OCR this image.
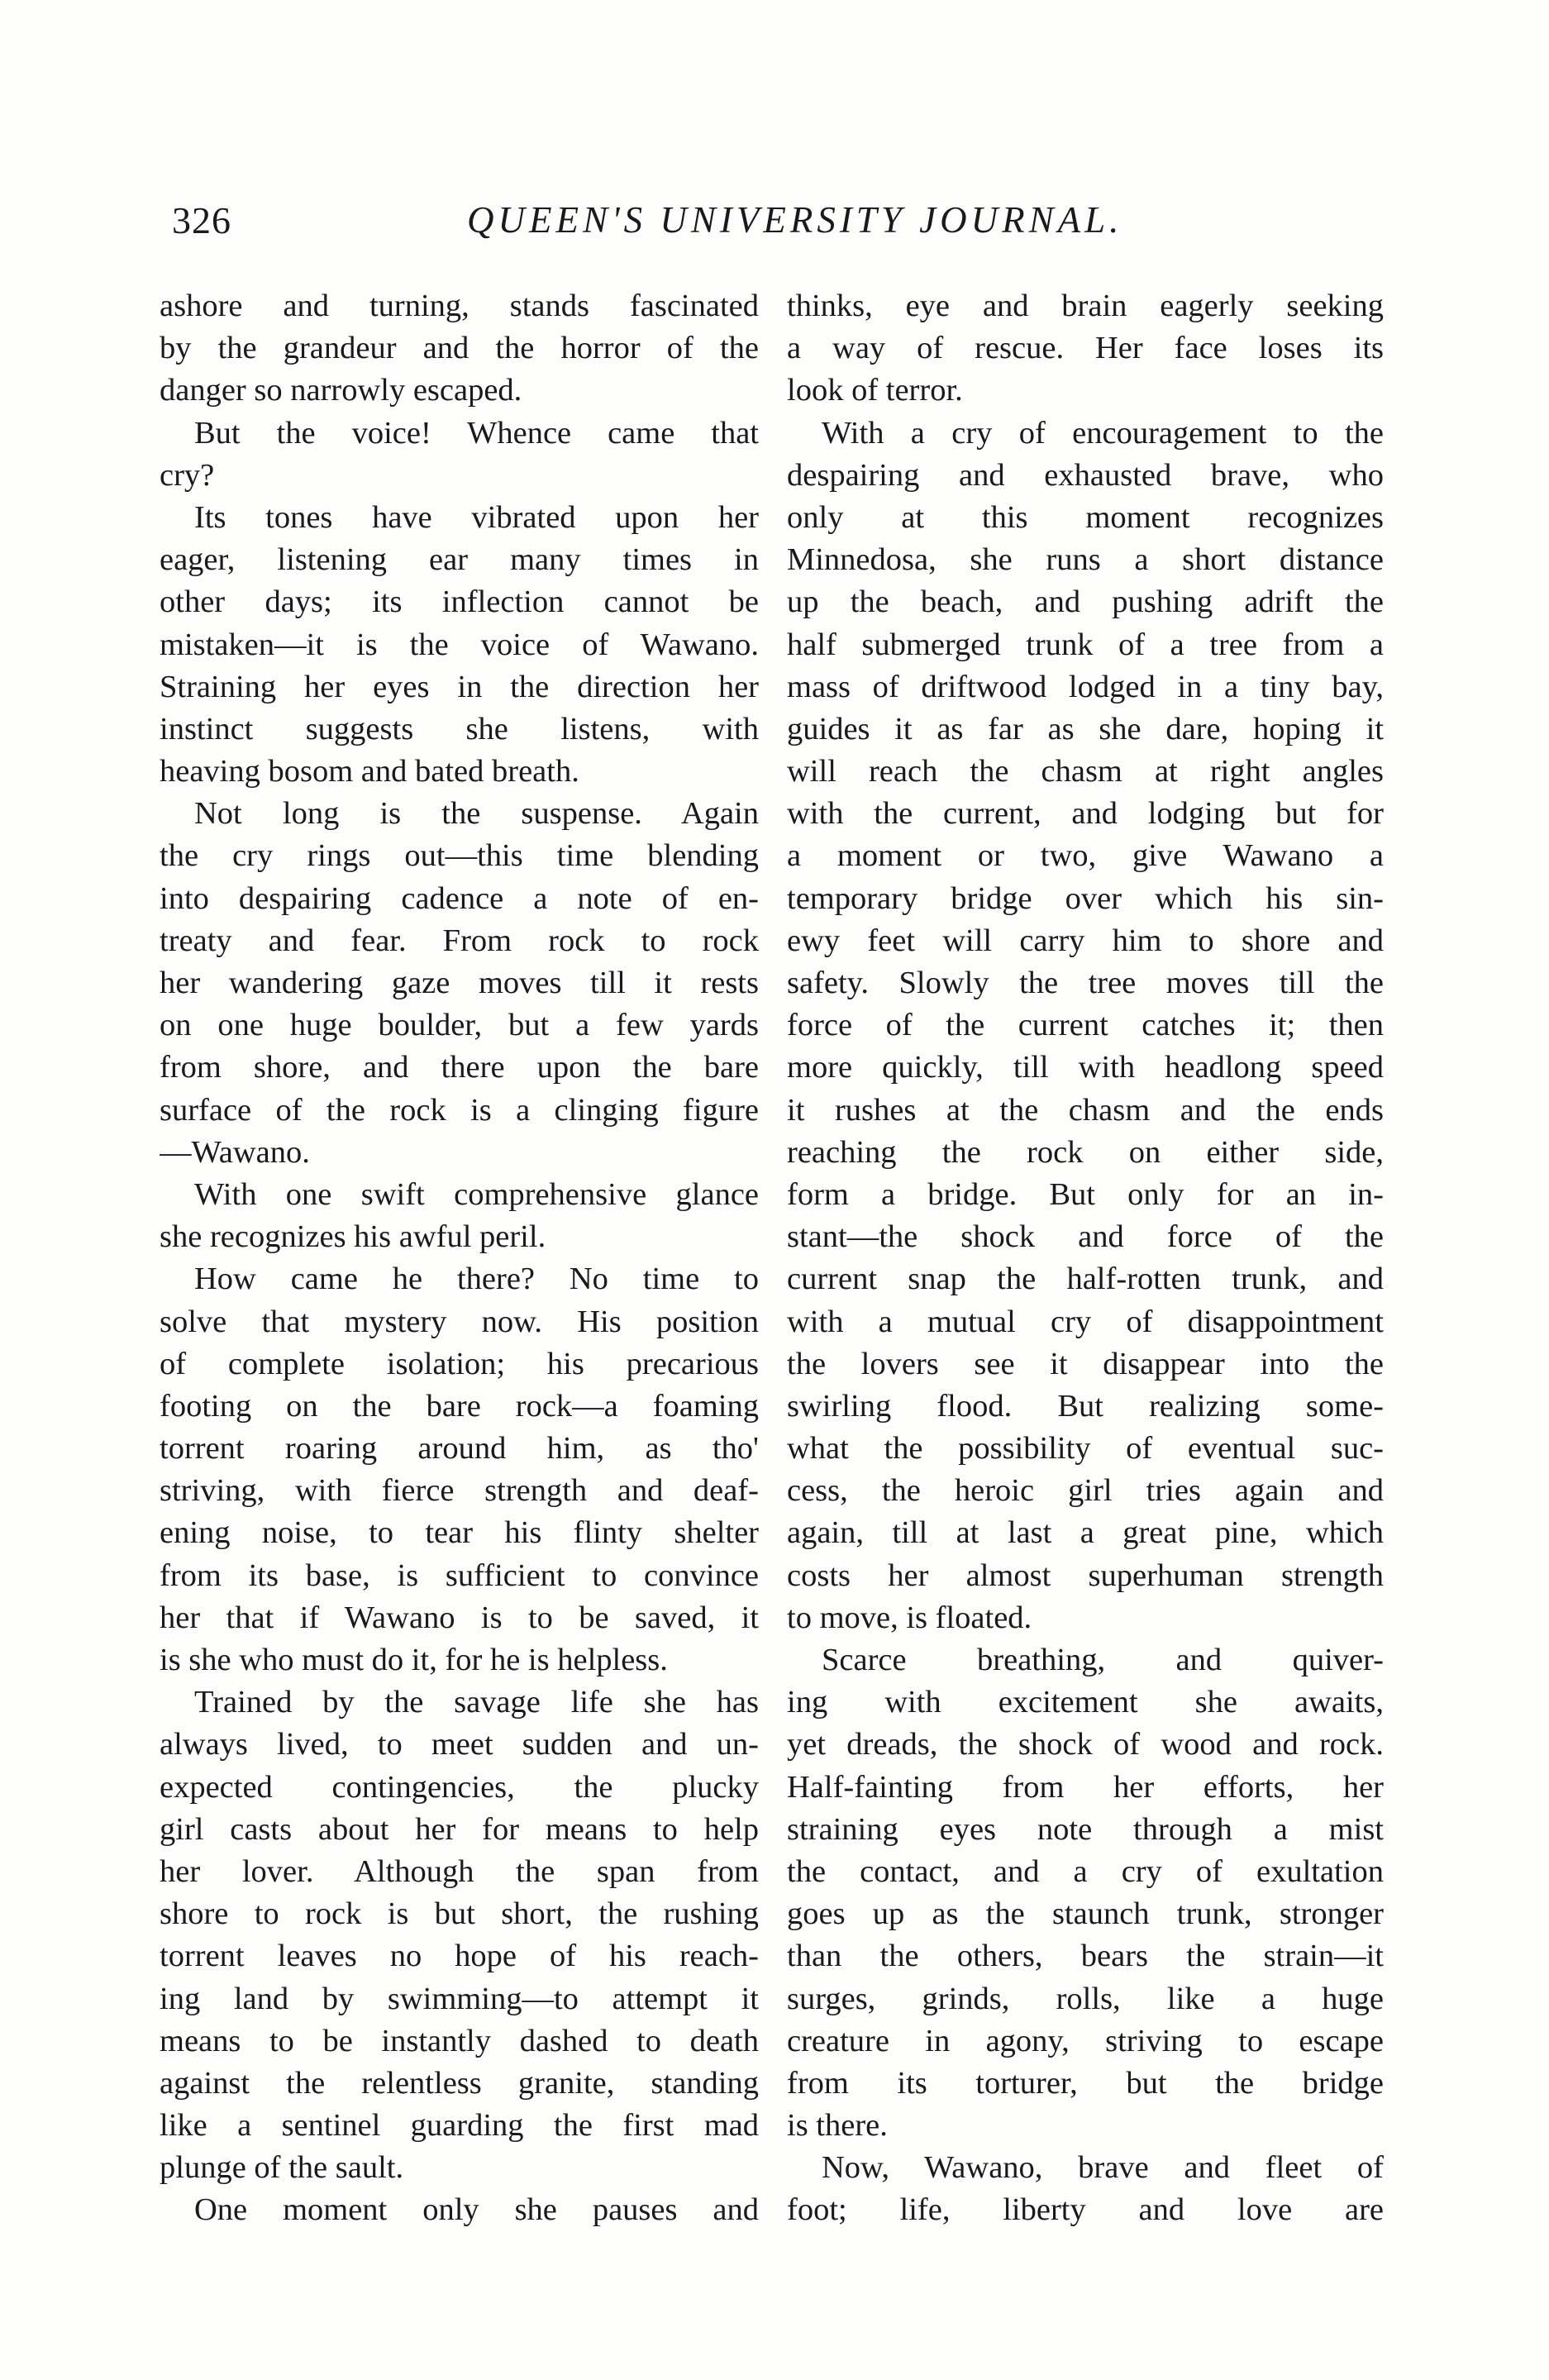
326	QUEEN'S UNIVERSITY JOURNAL.
ashore and turning, stands fascinated
by the grandeur and the horror of the
danger so narrowly escaped.
But the voice! Whence came that
cry?
Its tones have vibrated upon her
eager, listening ear many times in
other days; its inflection cannot be
mistaken—it is the voice of Wawano.
Straining her eyes in the direction her
instinct suggests she listens, with
heaving bosom and bated breath.
Not long is the suspense. Again
the cry rings out—this time blending
into despairing cadence a note of en-
treaty and fear. From rock to rock
her wandering gaze moves till it rests
on one huge boulder, but a few yards
from shore, and there upon the bare
surface of the rock is a clinging figure
—Wawano.
With one swift comprehensive glance
she recognizes his awful peril.
How came he there? No time to
solve that mystery now. His position
of complete isolation; his precarious
footing on the bare rock—a foaming
torrent roaring around him, as tho'
striving, with fierce strength and deaf-
ening noise, to tear his flinty shelter
from its base, is sufficient to convince
her that if Wawano is to be saved, it
is she who must do it, for he is helpless.
Trained by the savage life she has
always lived, to meet sudden and un-
expected contingencies, the plucky
girl casts about her for means to help
her lover. Although the span from
shore to rock is but short, the rushing
torrent leaves no hope of his reach-
ing land by swimming—to attempt it
means to be instantly dashed to death
against the relentless granite, standing
like a sentinel guarding the first mad
plunge of the sault.
One moment only she pauses and
thinks, eye and brain eagerly seeking
a way of rescue. Her face loses its
look of terror.
With a cry of encouragement to the
despairing and exhausted brave, who
only at this moment recognizes
Minnedosa, she runs a short distance
up the beach, and pushing adrift the
half submerged trunk of a tree from a
mass of driftwood lodged in a tiny bay,
guides it as far as she dare, hoping it
will reach the chasm at right angles
with the current, and lodging but for
a moment or two, give Wawano a
temporary bridge over which his sin-
ewy feet will carry him to shore and
safety. Slowly the tree moves till the
force of the current catches it; then
more quickly, till with headlong speed
it rushes at the chasm and the ends
reaching the rock on either side,
form a bridge. But only for an in-
stant—the shock and force of the
current snap the half-rotten trunk, and
with a mutual cry of disappointment
the lovers see it disappear into the
swirling flood. But realizing some-
what the possibility of eventual suc-
cess, the heroic girl tries again and
again, till at last a great pine, which
costs her almost superhuman strength
to move, is floated.
Scarce breathing, and quiver-
ing with excitement she awaits,
yet dreads, the shock of wood and rock.
Half-fainting from her efforts, her
straining eyes note through a mist
the contact, and a cry of exultation
goes up as the staunch trunk, stronger
than the others, bears the strain—it
surges, grinds, rolls, like a huge
creature in agony, striving to escape
from its torturer, but the bridge
is there.
Now, Wawano, brave and fleet of
foot; life, liberty and love are
